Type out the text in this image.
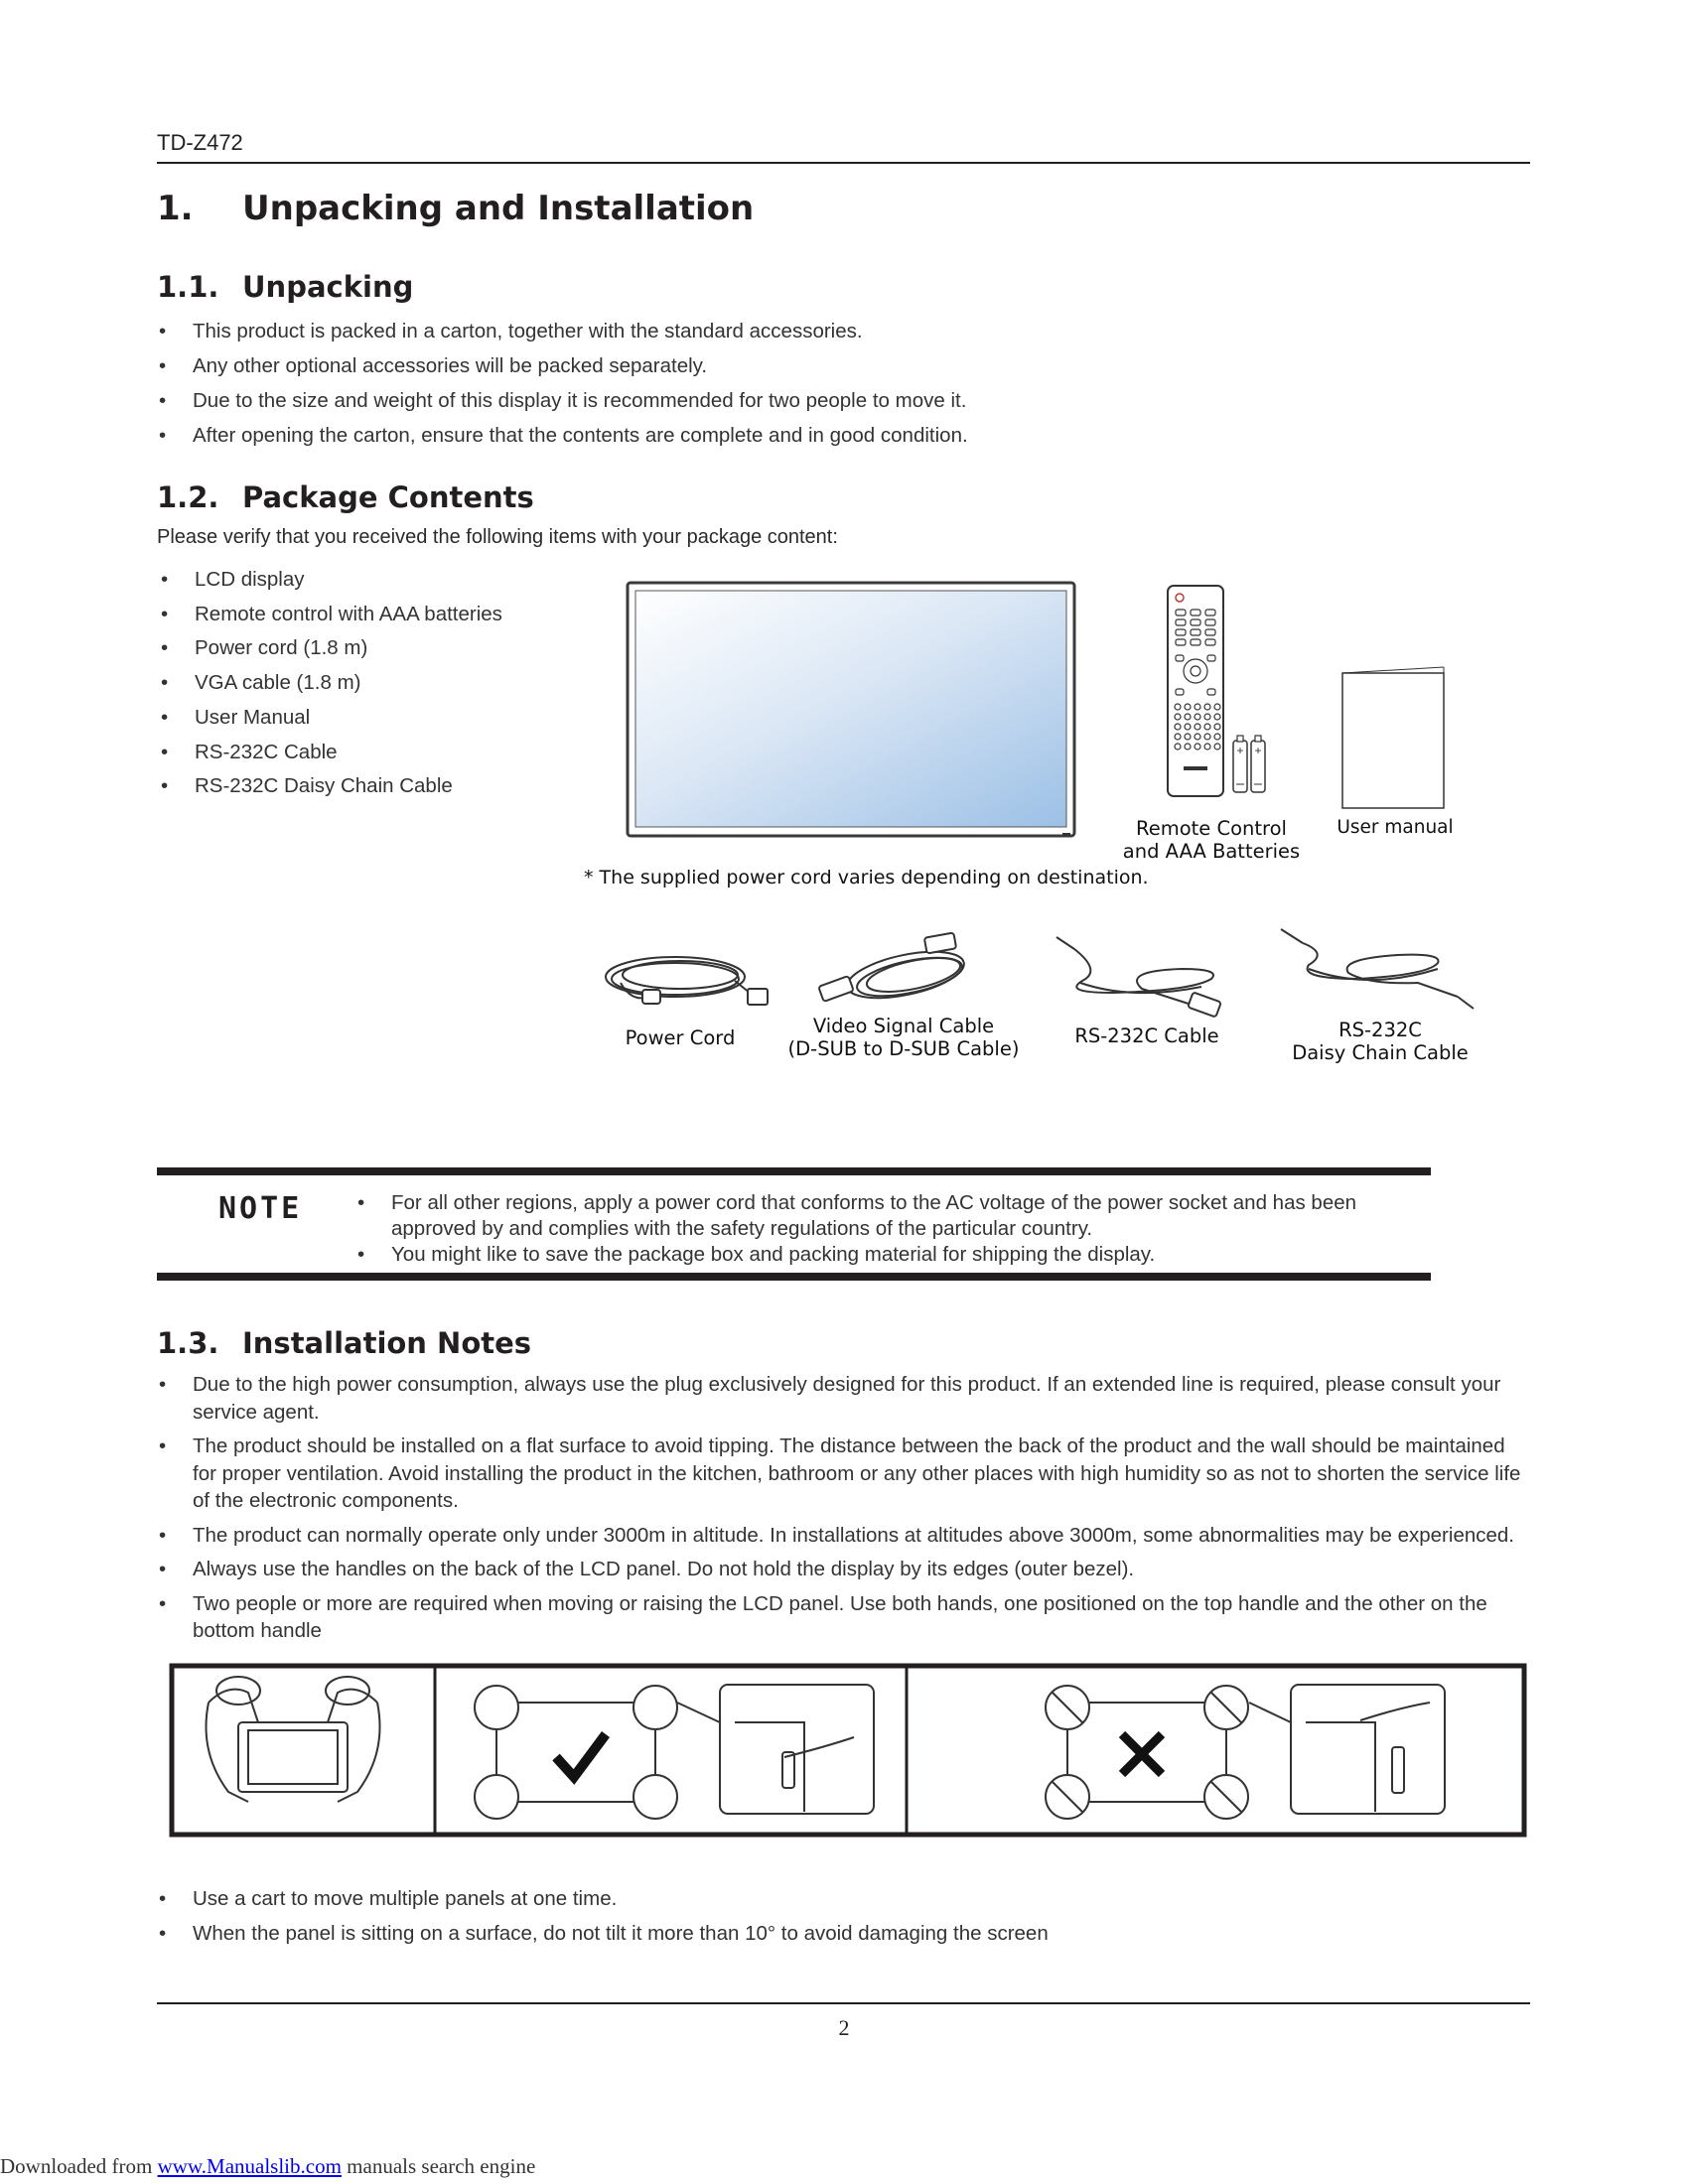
TD-Z472
1. Unpacking and Installation
1.1. Unpacking
• This product is packed in a carton, together with the standard accessories.
• Any other optional accessories will be packed separately.
• Due to the size and weight of this display it is recommended for two people to move it.
• After opening the carton, ensure that the contents are complete and in good condition.
1.2. Package Contents
Please verify that you received the following items with your package content:
• LCD display
• Remote control with AAA batteries
• Power cord (1.8 m)
• VGA cable (1.8 m)
• User Manual
• RS-232C Cable
• RS-232C Daisy Chain Cable
+ +
Remote Control
and AAA Batteries
User manual
* The supplied power cord varies depending on destination.
Power Cord
Video Signal Cable
(D-SUB to D-SUB Cable)
RS-232C Cable	RS-232C
Daisy Chain Cable
NOTE
•	For all other regions, apply a power cord that conforms to the AC voltage of the power socket and has been approved by and complies with the safety regulations of the particular country.
• You might like to save the package box and packing material for shipping the display.
1.3. Installation Notes
• Due to the high power consumption, always use the plug exclusively designed for this product. If an extended line is required, please consult your service agent.
• The product should be installed on a flat surface to avoid tipping. The distance between the back of the product and the wall should be maintained for proper ventilation. Avoid installing the product in the kitchen, bathroom or any other places with high humidity so as not to shorten the service life of the electronic components.
• The product can normally operate only under 3000m in altitude. In installations at altitudes above 3000m, some abnormalities may be experienced.
• Always use the handles on the back of the LCD panel. Do not hold the display by its edges (outer bezel).
• Two people or more are required when moving or raising the LCD panel. Use both hands, one positioned on the top handle and the other on the bottom handle
• Use a cart to move multiple panels at one time.
• When the panel is sitting on a surface, do not tilt it more than 10° to avoid damaging the screen
2
Downloaded from www.Manualslib.com manuals search engine
